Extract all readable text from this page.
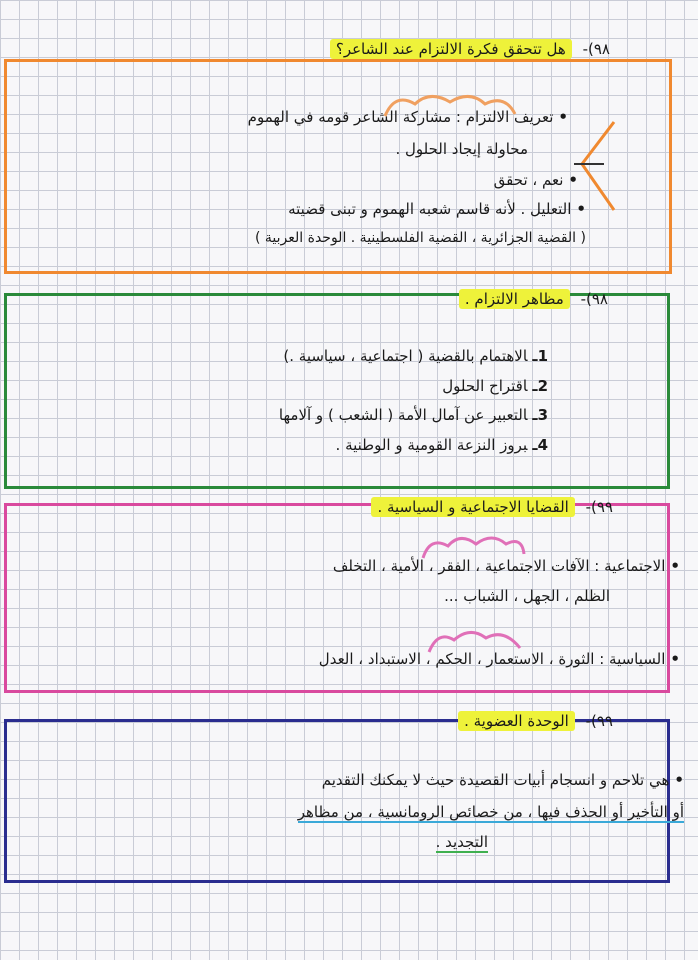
٩٨)- هل تتحقق فكرة الالتزام عند الشاعر؟
•تعريف الالتزام : مشاركة الشاعر قومه في الهموم
محاولة إيجاد الحلول .
•نعم ، تحقق
•التعليل . لأنه قاسم شعبه الهموم و تبنى قضيته
( القضية الجزائرية ، القضية الفلسطينية . الوحدة العربية )
٩٨)- مظاهر الالتزام .
1ـالاهتمام بالقضية ( اجتماعية ، سياسية .)
2ـاقتراح الحلول
3ـالتعبير عن آمال الأمة ( الشعب ) و آلامها
4ـبروز النزعة القومية و الوطنية .
٩٩)- القضايا الاجتماعية و السياسية .
•الاجتماعية : الآفات الاجتماعية ، الفقر ، الأمية ، التخلف
الظلم ، الجهل ، الشباب ...
•السياسية : الثورة ، الاستعمار ، الحكم ، الاستبداد ، العدل
٩٩)- الوحدة العضوية .
•هي تلاحم و انسجام أبيات القصيدة حيث لا يمكنك التقديم
أو التأخير أو الحذف فيها ، من خصائص الرومانسية ، من مظاهر
التجديد .
